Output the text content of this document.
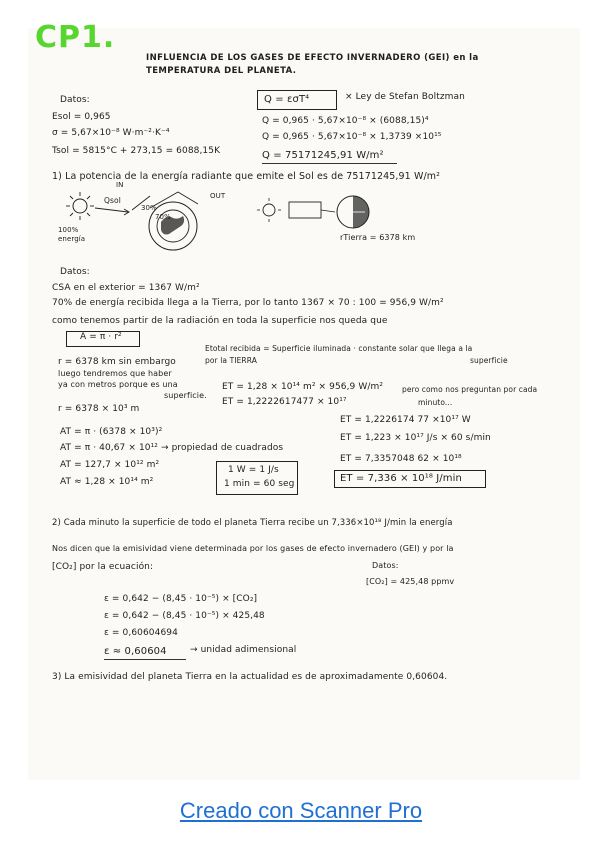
CP1.
INFLUENCIA DE LOS GASES DE EFECTO INVERNADERO (GEI) en la
TEMPERATURA DEL PLANETA.
Datos:
Esol = 0,965
σ = 5,67×10⁻⁸ W·m⁻²·K⁻⁴
Tsol = 5815°C + 273,15 = 6088,15K
Q = εσT⁴	× Ley de Stefan Boltzman
Q = 0,965 · 5,67×10⁻⁸ × (6088,15)⁴
Q = 0,965 · 5,67×10⁻⁸ × 1,3739 ×10¹⁵
Q = 75171245,91 W/m²
1) La potencia de la energía radiante que emite el Sol es de 75171245,91 W/m²
IN
Qsol
30%
70%
OUT
100%
energía	rTierra = 6378 km
Datos:
CSA en el exterior = 1367 W/m²
70% de energía recibida llega a la Tierra, por lo tanto 1367 × 70 : 100 = 956,9 W/m²
como tenemos partir de la radiación en toda la superficie nos queda que
A = π · r²
Etotal recibida = Superficie iluminada · constante solar que llega a la
por la TIERRA	superficie
r = 6378 km sin embargo
luego tendremos que haber
ya con metros porque es una
superficie.
r = 6378 × 10³ m
ET = 1,28 × 10¹⁴ m² × 956,9 W/m²
ET = 1,2222617477 × 10¹⁷
pero como nos preguntan por cada
minuto...
AT = π · (6378 × 10³)²
AT = π · 40,67 × 10¹² → propiedad de cuadrados
AT = 127,7 × 10¹² m²
AT ≈ 1,28 × 10¹⁴ m²
1 W = 1 J/s
1 min = 60 seg
ET = 1,2226174 77 ×10¹⁷ W
ET = 1,223 × 10¹⁷ J/s × 60 s/min
ET = 7,3357048 62 × 10¹⁸
ET = 7,336 × 10¹⁸ J/min
2) Cada minuto la superficie de todo el planeta Tierra recibe un 7,336×10¹⁸ J/min la energía
Nos dicen que la emisividad viene determinada por los gases de efecto invernadero (GEI) y por la
[CO₂] por la ecuación:	Datos:
[CO₂] = 425,48 ppmv
ε = 0,642 − (8,45 · 10⁻⁵) × [CO₂]
ε = 0,642 − (8,45 · 10⁻⁵) × 425,48
ε = 0,60604694
ε ≈ 0,60604	→ unidad adimensional
3) La emisividad del planeta Tierra en la actualidad es de aproximadamente 0,60604.
Creado con Scanner Pro
